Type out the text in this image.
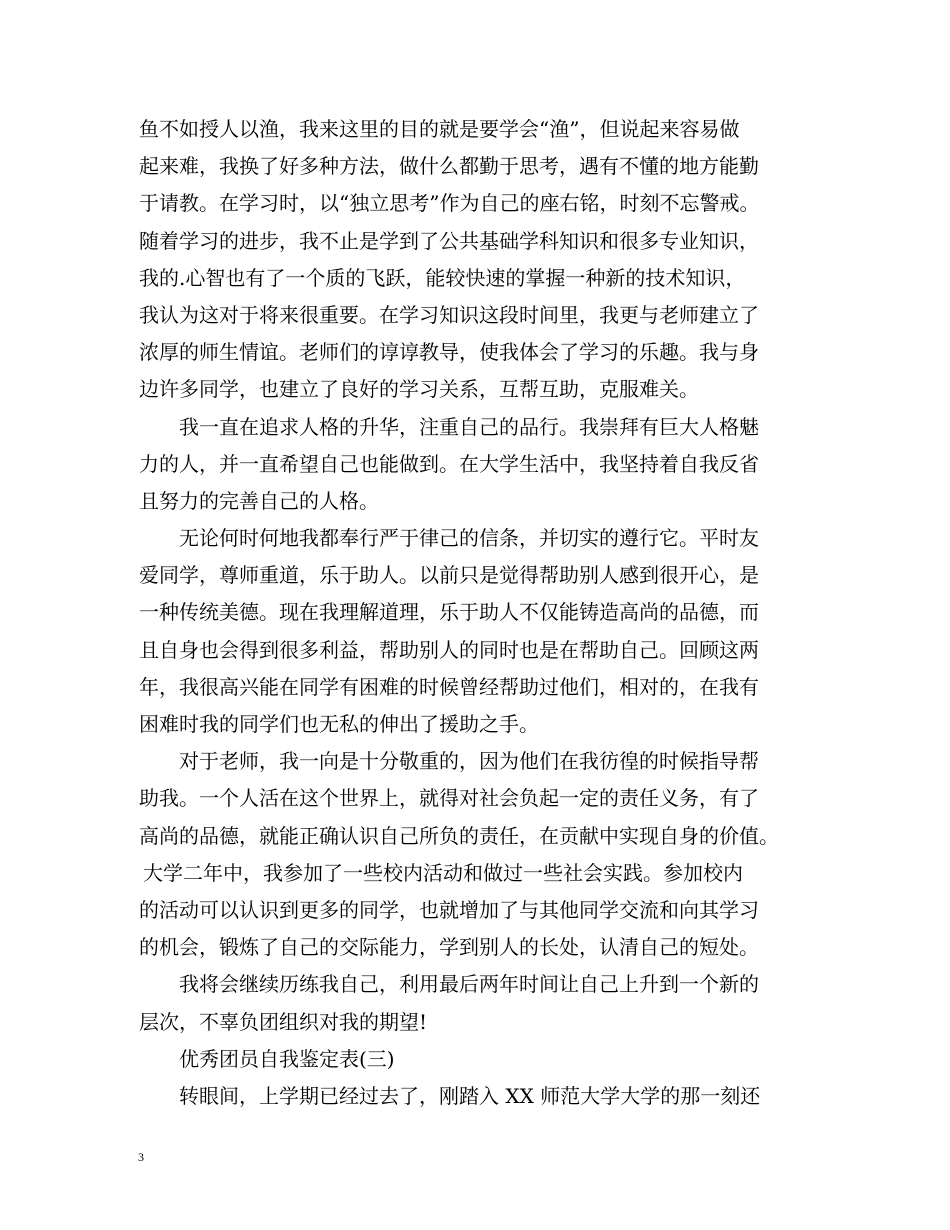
鱼不如授人以渔，我来这里的目的就是要学会“渔”，但说起来容易做
起来难，我换了好多种方法，做什么都勤于思考，遇有不懂的地方能勤
于请教。在学习时，以“独立思考”作为自己的座右铭，时刻不忘警戒。
随着学习的进步，我不止是学到了公共基础学科知识和很多专业知识，
我的.心智也有了一个质的飞跃，能较快速的掌握一种新的技术知识，
我认为这对于将来很重要。在学习知识这段时间里，我更与老师建立了
浓厚的师生情谊。老师们的谆谆教导，使我体会了学习的乐趣。我与身
边许多同学，也建立了良好的学习关系，互帮互助，克服难关。
我一直在追求人格的升华，注重自己的品行。我崇拜有巨大人格魅
力的人，并一直希望自己也能做到。在大学生活中，我坚持着自我反省
且努力的完善自己的人格。
无论何时何地我都奉行严于律己的信条，并切实的遵行它。平时友
爱同学，尊师重道，乐于助人。以前只是觉得帮助别人感到很开心，是
一种传统美德。现在我理解道理，乐于助人不仅能铸造高尚的品德，而
且自身也会得到很多利益，帮助别人的同时也是在帮助自己。回顾这两
年，我很高兴能在同学有困难的时候曾经帮助过他们，相对的，在我有
困难时我的同学们也无私的伸出了援助之手。
对于老师，我一向是十分敬重的，因为他们在我彷徨的时候指导帮
助我。一个人活在这个世界上，就得对社会负起一定的责任义务，有了
高尚的品德，就能正确认识自己所负的责任，在贡献中实现自身的价值。
大学二年中，我参加了一些校内活动和做过一些社会实践。参加校内
的活动可以认识到更多的同学，也就增加了与其他同学交流和向其学习
的机会，锻炼了自己的交际能力，学到别人的长处，认清自己的短处。
我将会继续历练我自己，利用最后两年时间让自己上升到一个新的
层次，不辜负团组织对我的期望!
优秀团员自我鉴定表(三)
转眼间，上学期已经过去了，刚踏入 XX 师范大学大学的那一刻还
3
